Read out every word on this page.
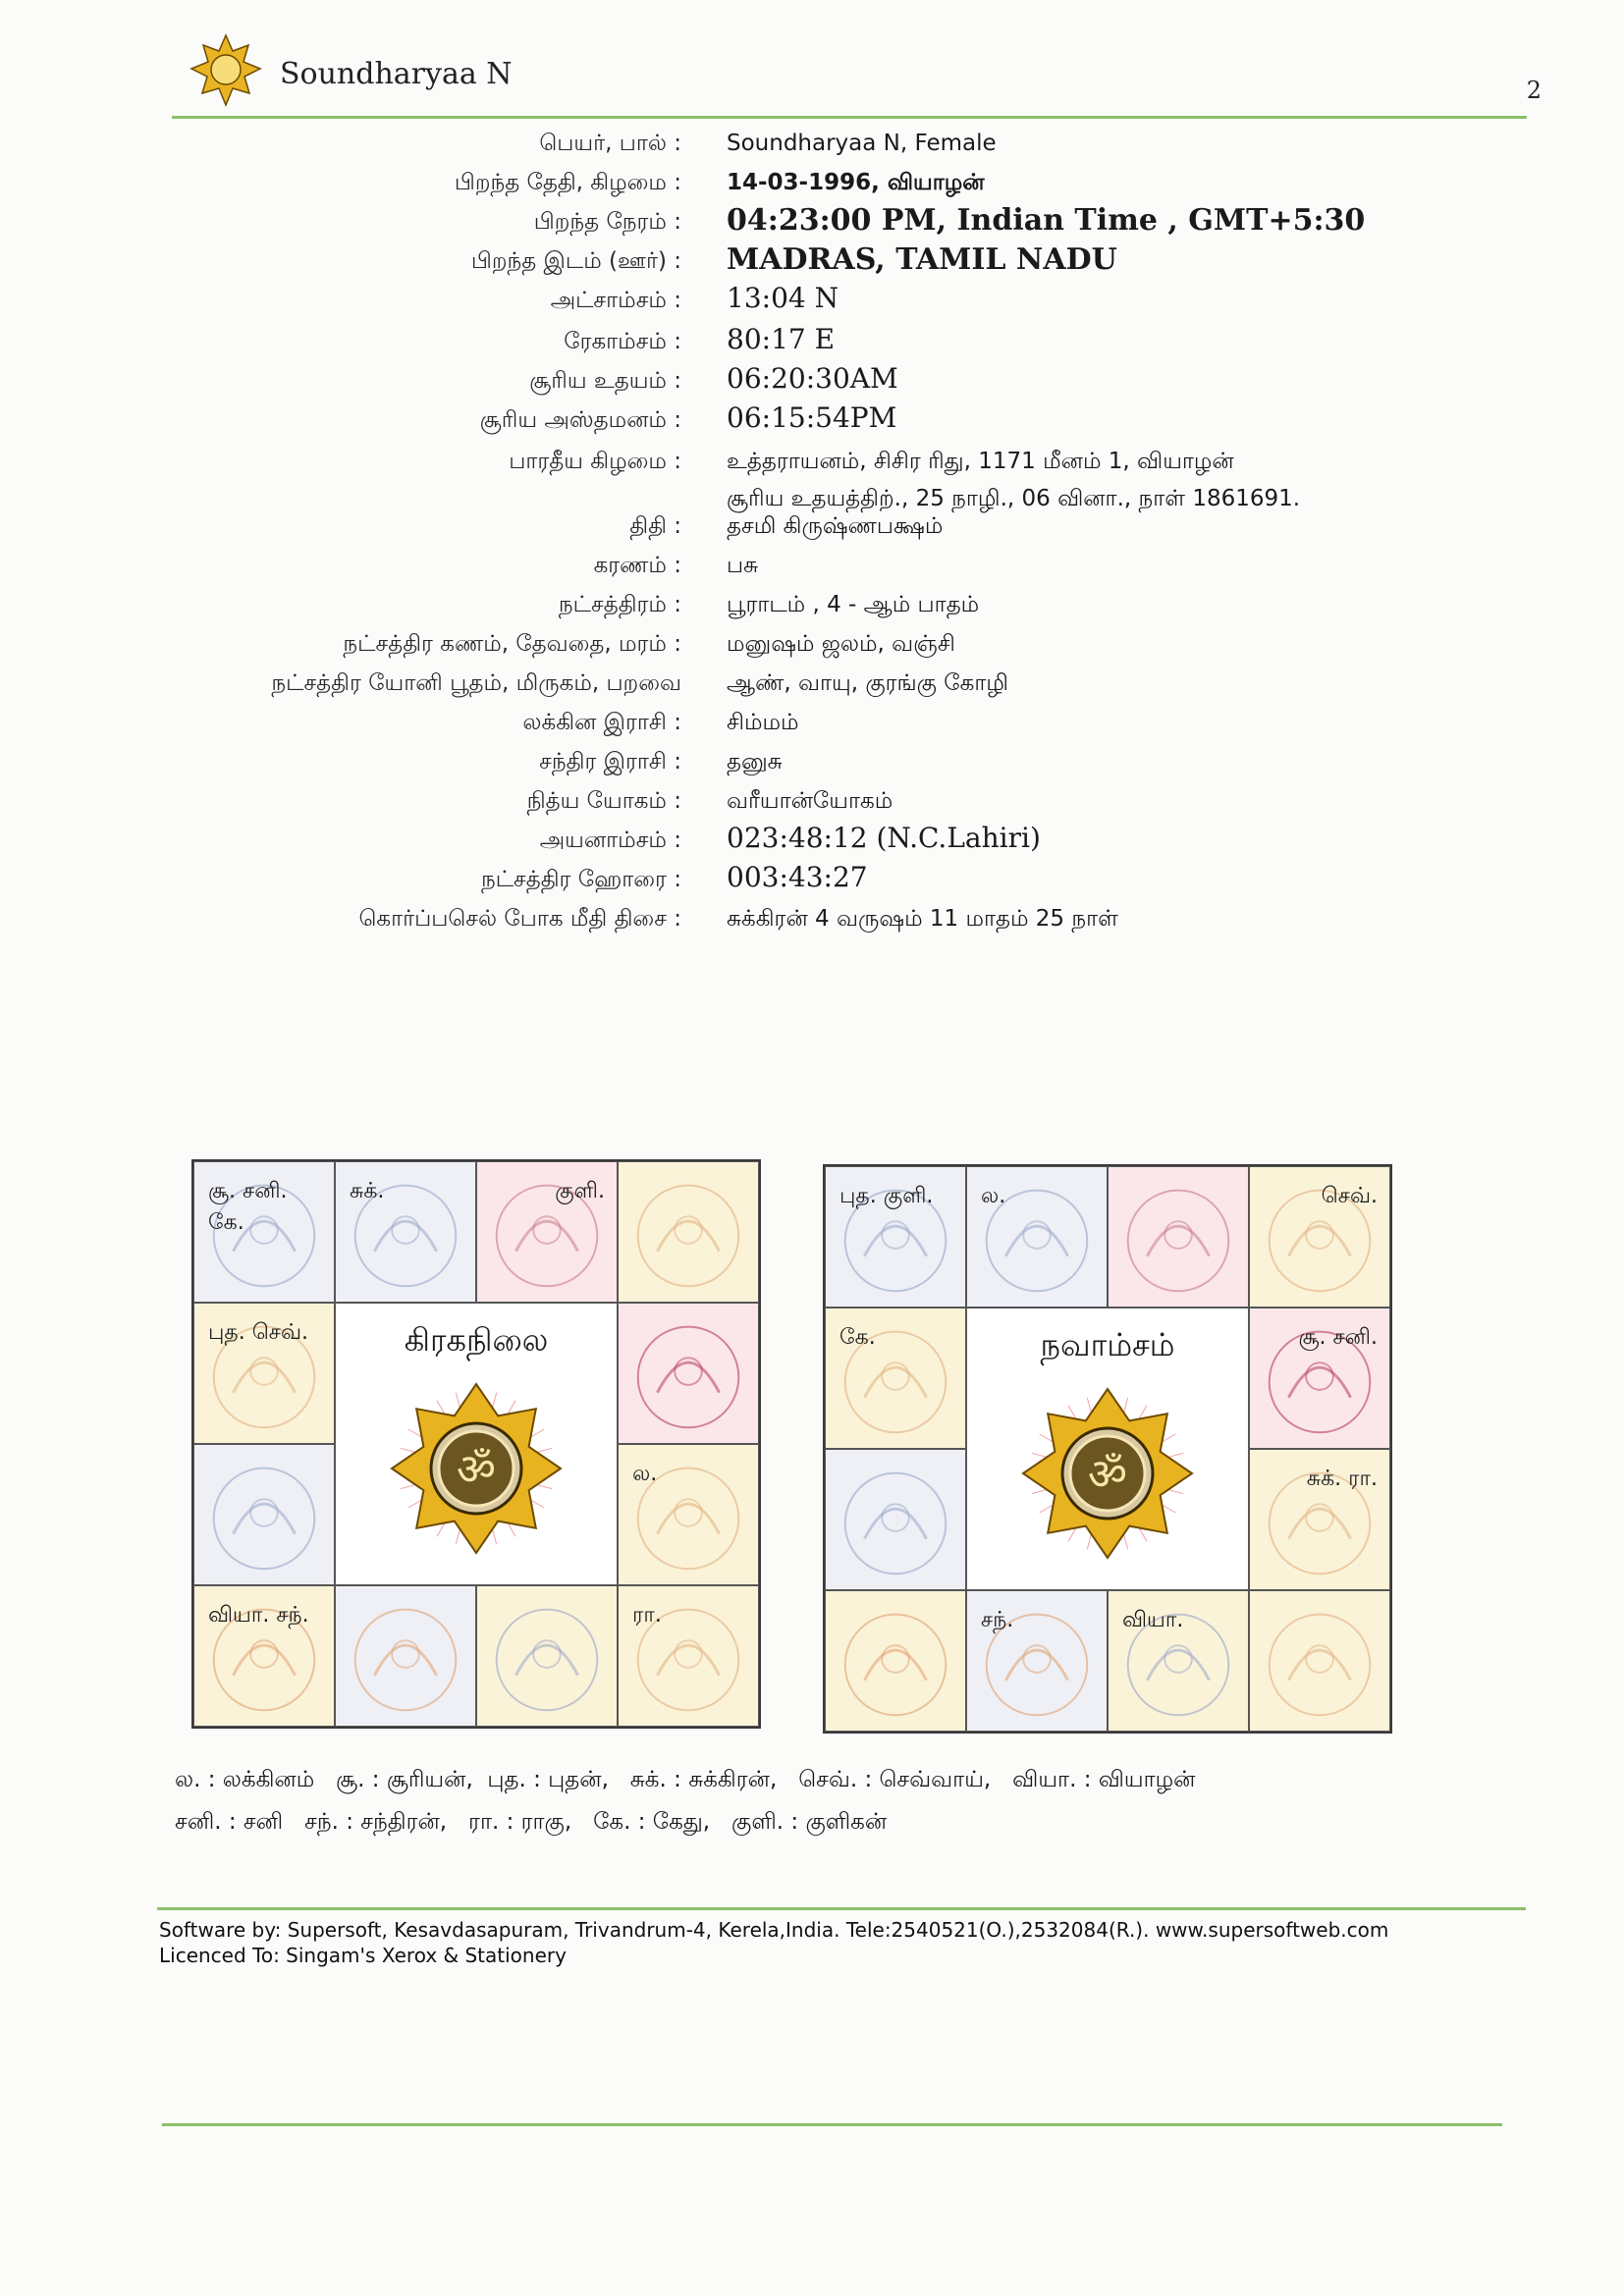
Soundharyaa N	2
பெயர், பால் : Soundharyaa N, Female
பிறந்த தேதி, கிழமை : 14-03-1996, வியாழன்
பிறந்த நேரம் : 04:23:00 PM, Indian Time , GMT+5:30
பிறந்த இடம் (ஊர்) : MADRAS, TAMIL NADU
அட்சாம்சம் : 13:04 N
ரேகாம்சம் : 80:17 E
சூரிய உதயம் : 06:20:30AM
சூரிய அஸ்தமனம் : 06:15:54PM
பாரதீய கிழமை : உத்தராயனம், சிசிர ரிது, 1171 மீனம் 1, வியாழன்
சூரிய உதயத்திற்., 25 நாழி., 06 வினா., நாள் 1861691.
திதி : தசமி கிருஷ்ணபக்ஷம்
கரணம் : பசு
நட்சத்திரம் : பூராடம் , 4 - ஆம் பாதம்
நட்சத்திர கணம், தேவதை, மரம் : மனுஷம் ஜலம், வஞ்சி
நட்சத்திர யோனி பூதம், மிருகம், பறவை ஆண், வாயு, குரங்கு கோழி
லக்கின இராசி : சிம்மம்
சந்திர இராசி : தனுசு
நித்ய யோகம் : வரீயான்யோகம்
அயனாம்சம் : 023:48:12 (N.C.Lahiri)
நட்சத்திர ஹோரை : 003:43:27
கொர்ப்பசெல் போக மீதி திசை : சுக்கிரன் 4 வருஷம் 11 மாதம் 25 நாள்
சூ. சனி.
கே.
சுக்.	குளி.
புத. செவ்.
ல.
வியா. சந்.	ரா.
கிரகநிலை
ॐ
புத. குளி. ல.	செவ்.
கே.	சூ. சனி.
சுக். ரா.
சந்.	வியா.
நவாம்சம்
ॐ
ல. : லக்கினம்   சூ. : சூரியன்,  புத. : புதன்,   சுக். : சுக்கிரன்,   செவ். : செவ்வாய்,   வியா. : வியாழன்
சனி. : சனி   சந். : சந்திரன்,   ரா. : ராகு,   கே. : கேது,   குளி. : குளிகன்
Software by: Supersoft, Kesavdasapuram, Trivandrum-4, Kerela,India. Tele:2540521(O.),2532084(R.). www.supersoftweb.com
Licenced To: Singam's Xerox & Stationery
